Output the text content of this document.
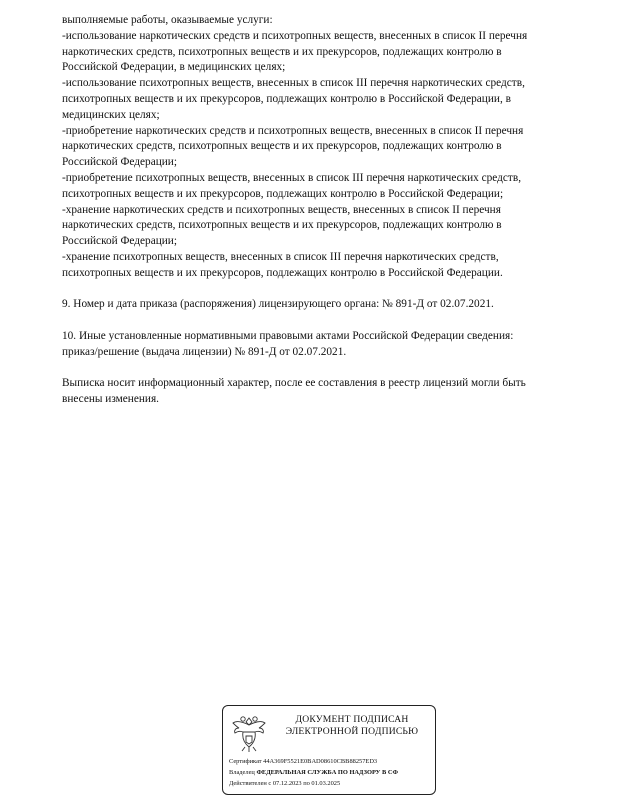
выполняемые работы, оказываемые услуги:
-использование наркотических средств и психотропных веществ, внесенных в список II перечня
наркотических средств, психотропных веществ и их прекурсоров, подлежащих контролю в
Российской Федерации, в медицинских целях;
-использование психотропных веществ, внесенных в список III перечня наркотических средств,
психотропных веществ и их прекурсоров, подлежащих контролю в Российской Федерации, в
медицинских целях;
-приобретение наркотических средств и психотропных веществ, внесенных в список II перечня
наркотических средств, психотропных веществ и их прекурсоров, подлежащих контролю в
Российской Федерации;
-приобретение психотропных веществ, внесенных в список III перечня наркотических средств,
психотропных веществ и их прекурсоров, подлежащих контролю в Российской Федерации;
-хранение наркотических средств и психотропных веществ, внесенных в список II перечня
наркотических средств, психотропных веществ и их прекурсоров, подлежащих контролю в
Российской Федерации;
-хранение психотропных веществ, внесенных в список III перечня наркотических средств,
психотропных веществ и их прекурсоров, подлежащих контролю в Российской Федерации.
9. Номер и дата приказа (распоряжения) лицензирующего органа: № 891-Д от 02.07.2021.
10. Иные установленные нормативными правовыми актами Российской Федерации сведения:
приказ/решение (выдача лицензии) № 891-Д от 02.07.2021.
Выписка носит информационный характер, после ее составления в реестр лицензий могли быть
внесены изменения.
ДОКУМЕНТ ПОДПИСАН
ЭЛЕКТРОННОЙ ПОДПИСЬЮ
Сертификат 44A369F5521E0BAD08610CBB88257ED3
Владелец ФЕДЕРАЛЬНАЯ СЛУЖБА ПО НАДЗОРУ В СФ
Действителен с 07.12.2023 по 01.03.2025
